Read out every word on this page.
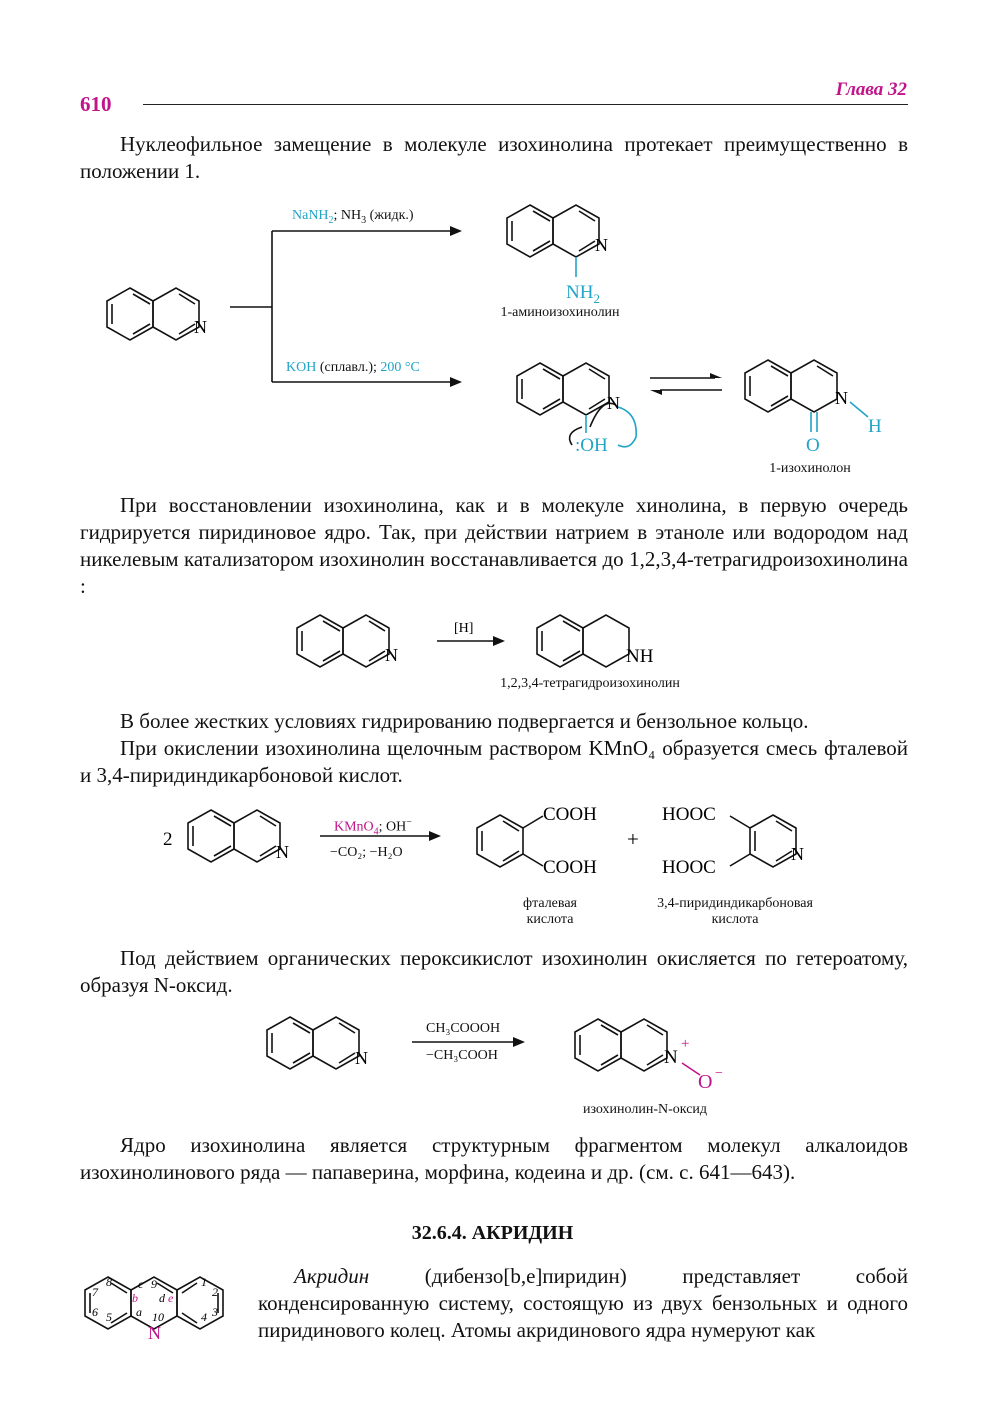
610
Глава 32
Нуклеофильное замещение в молекуле изохинолина протекает преимущественно в положении 1.
N
N
$NH_2$
N
:OH
N
O
H
NaNH$_2$; $NH_3$ (жидк.)
KOH (сплавл.); 200 °C
1-аминоизохинолин
1-изохинолон
При восстановлении изохинолина, как и в молекуле хинолина, в первую очередь гидрируется пиридиновое ядро. Так, при действии натрием в этаноле или водородом над никелевым катализатором изохинолин восстанавливается до 1,2,3,4-тетрагидроизохинолина :
N
[H]
NH
1,2,3,4-тетрагидроизохинолин
В более жестких условиях гидрированию подвергается и бензольное кольцо.
При окислении изохинолина щелочным раствором KMnO₄ образуется смесь фталевой и 3,4-пиридиндикарбоновой кислот.
2
N
COOH
COOH
+
N
HOOC
HOOC
KMnO$_4$; OH−
−CO₂; −H₂O
фталевая
кислота
3,4-пиридиндикарбоновая
кислота
Под действием органических пероксикислот изохинолин окисляется по гетероатому, образуя N-оксид.
N	N
+
O −
CH₃COOOH
−CH₃COOH
изохинолин-N-оксид
Ядро изохинолина является структурным фрагментом молекул алкалоидов изохинолинового ряда — папаверина, морфина, кодеина и др. (см. с. 641—643).
32.6.4. АКРИДИН
8
7
6 5
c 9
d
a
b
10
e
1
2
3
4
N
Акридин (дибензо[b,e]пиридин) представляет собой конденсированную систему, состоящую из двух бензольных и одного пиридинового колец. Атомы акридинового ядра нумеруют как
